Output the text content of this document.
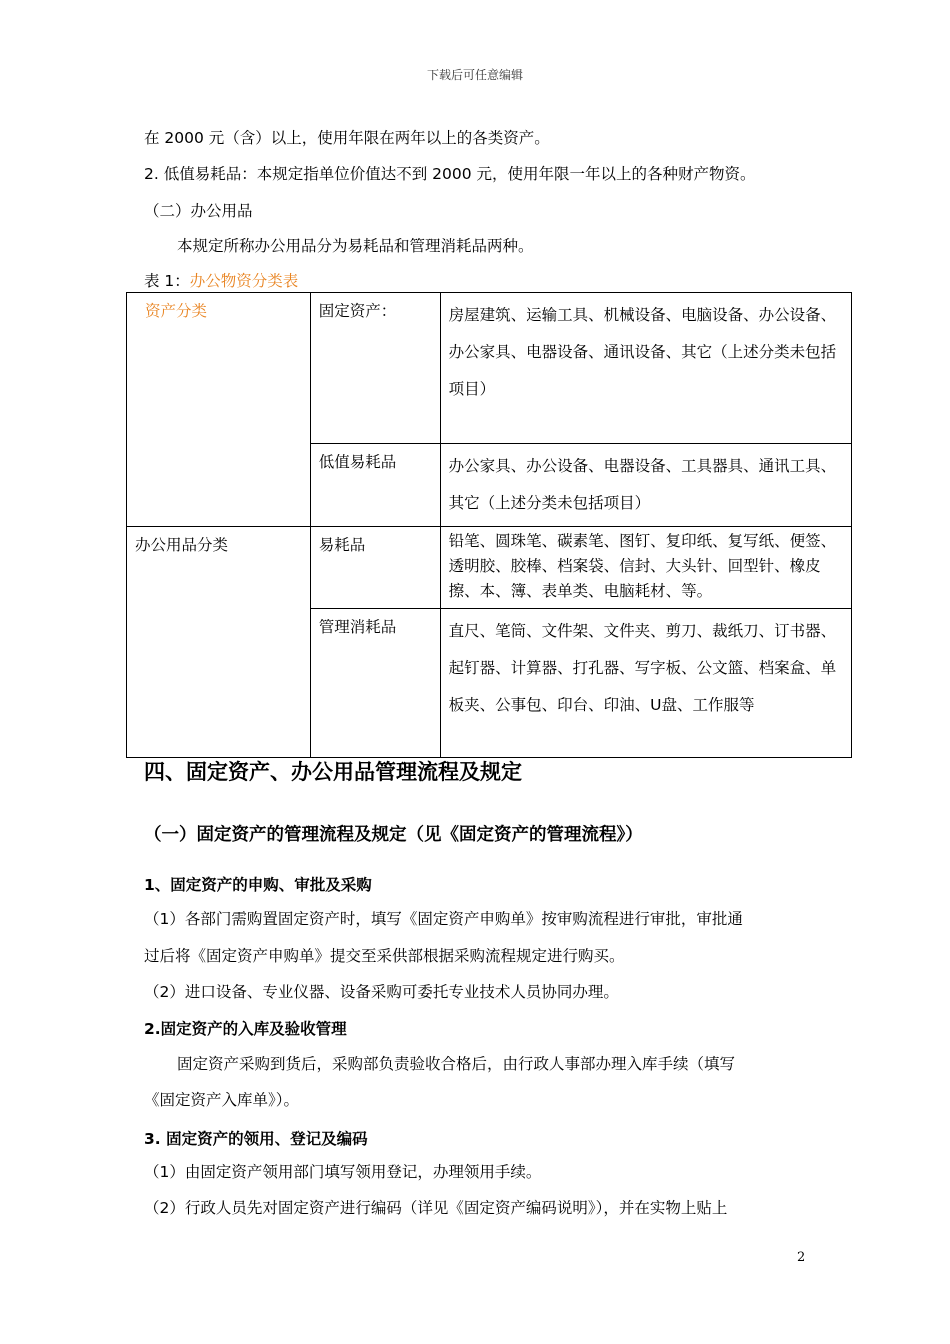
下载后可任意编辑
在 2000 元（含）以上，使用年限在两年以上的各类资产。
2. 低值易耗品：本规定指单位价值达不到 2000 元，使用年限一年以上的各种财产物资。
（二）办公用品
本规定所称办公用品分为易耗品和管理消耗品两种。
表 1：办公物资分类表
资产分类	固定资产：	房屋建筑、运输工具、机械设备、电脑设备、办公设备、办公家具、电器设备、通讯设备、其它（上述分类未包括项目）
	低值易耗品	办公家具、办公设备、电器设备、工具器具、通讯工具、其它（上述分类未包括项目）
办公用品分类	易耗品	铅笔、圆珠笔、碳素笔、图钉、复印纸、复写纸、便签、透明胶、胶棒、档案袋、信封、大头针、回型针、橡皮擦、本、簿、表单类、电脑耗材、等。
	管理消耗品	直尺、笔筒、文件架、文件夹、剪刀、裁纸刀、订书器、起钉器、计算器、打孔器、写字板、公文篮、档案盒、单板夹、公事包、印台、印油、U盘、工作服等
四、固定资产、办公用品管理流程及规定
（一）固定资产的管理流程及规定（见《固定资产的管理流程》）
1、固定资产的申购、审批及采购
（1）各部门需购置固定资产时，填写《固定资产申购单》按审购流程进行审批，审批通
过后将《固定资产申购单》提交至采供部根据采购流程规定进行购买。
（2）进口设备、专业仪器、设备采购可委托专业技术人员协同办理。
2.固定资产的入库及验收管理
固定资产采购到货后，采购部负责验收合格后，由行政人事部办理入库手续（填写
《固定资产入库单》）。
3. 固定资产的领用、登记及编码
（1）由固定资产领用部门填写领用登记，办理领用手续。
（2）行政人员先对固定资产进行编码（详见《固定资产编码说明》），并在实物上贴上
2
